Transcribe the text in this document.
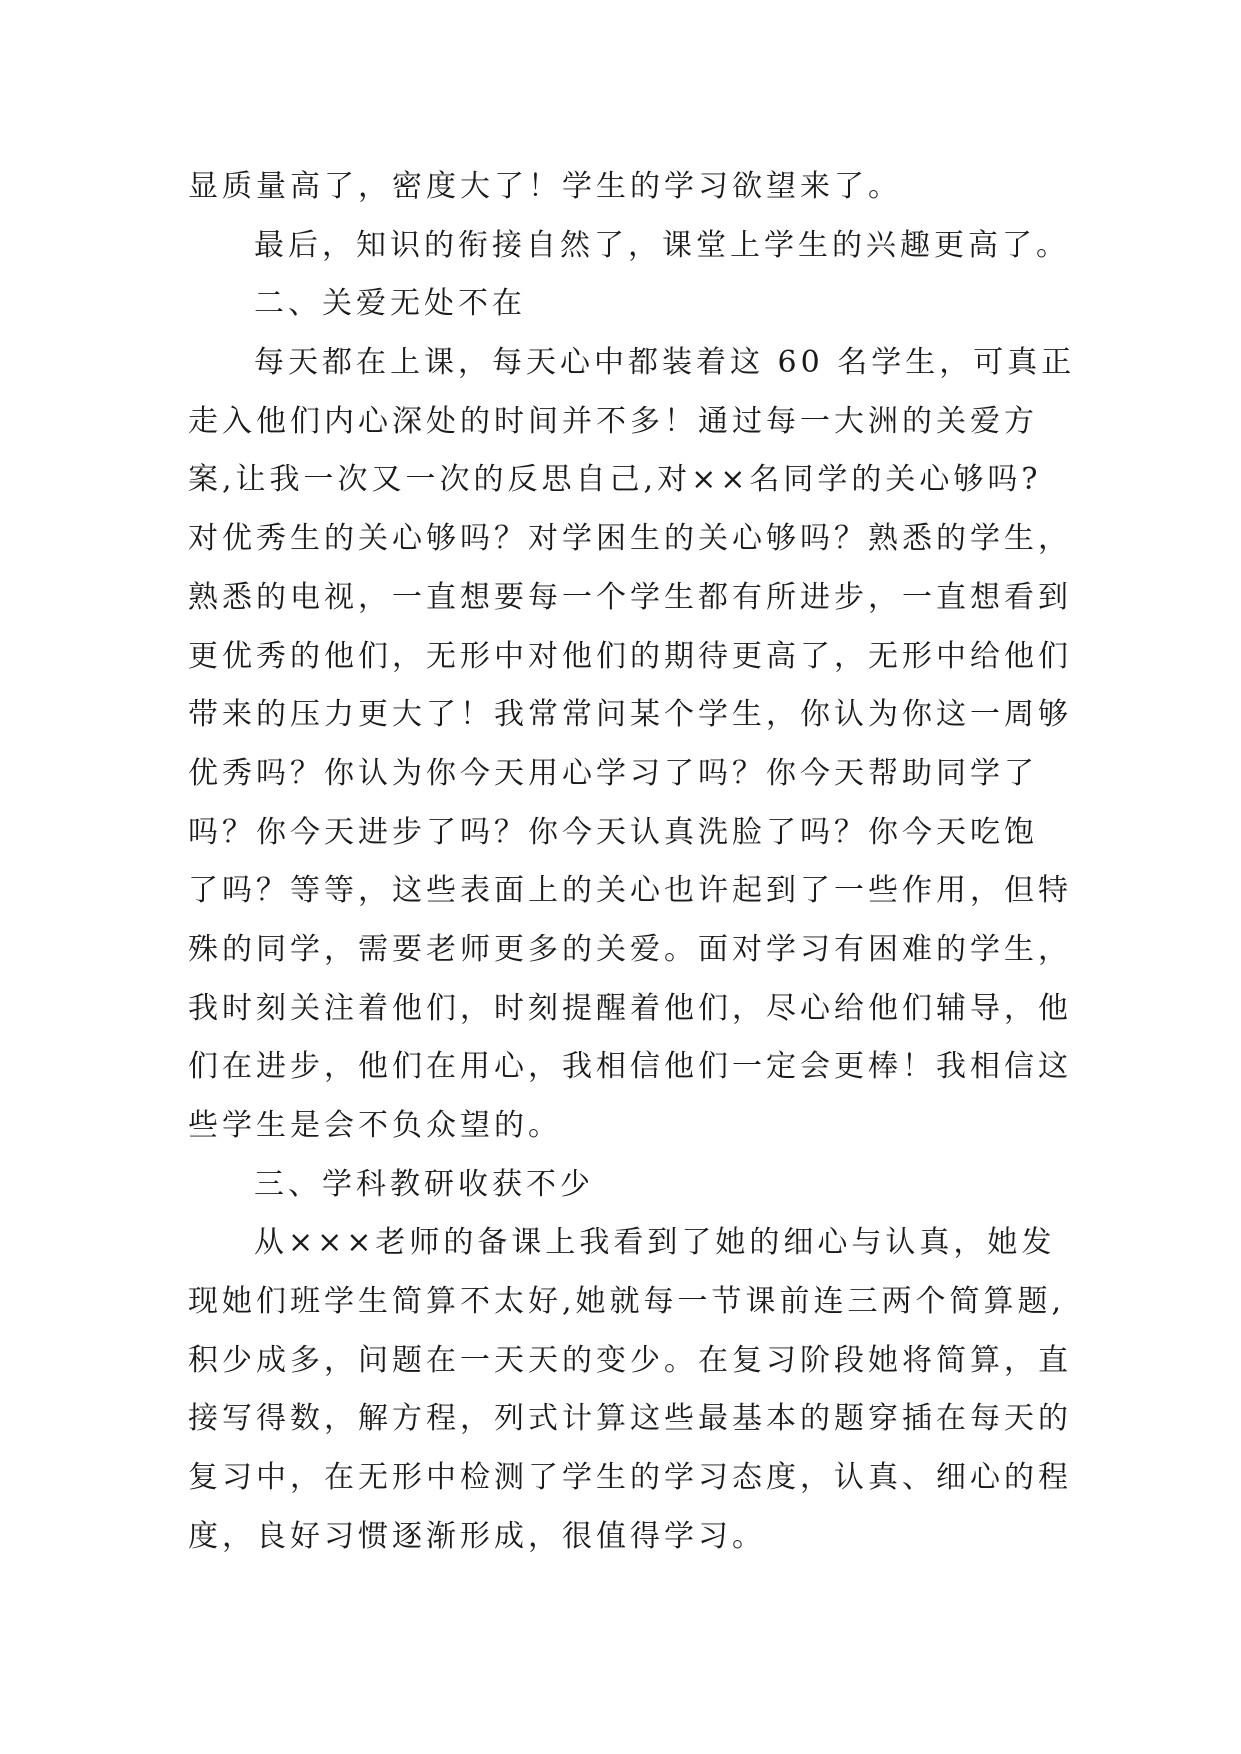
显质量高了，密度大了！学生的学习欲望来了。
最后，知识的衔接自然了，课堂上学生的兴趣更高了。
二、关爱无处不在
每天都在上课，每天心中都装着这 60 名学生，可真正
走入他们内心深处的时间并不多！通过每一大洲的关爱方
案,让我一次又一次的反思自己,对××名同学的关心够吗?
对优秀生的关心够吗？对学困生的关心够吗？熟悉的学生，
熟悉的电视，一直想要每一个学生都有所进步，一直想看到
更优秀的他们，无形中对他们的期待更高了，无形中给他们
带来的压力更大了！我常常问某个学生，你认为你这一周够
优秀吗？你认为你今天用心学习了吗？你今天帮助同学了
吗？你今天进步了吗？你今天认真洗脸了吗？你今天吃饱
了吗？等等，这些表面上的关心也许起到了一些作用，但特
殊的同学，需要老师更多的关爱。面对学习有困难的学生，
我时刻关注着他们，时刻提醒着他们，尽心给他们辅导，他
们在进步，他们在用心，我相信他们一定会更棒！我相信这
些学生是会不负众望的。
三、学科教研收获不少
从×××老师的备课上我看到了她的细心与认真，她发
现她们班学生简算不太好,她就每一节课前连三两个简算题,
积少成多，问题在一天天的变少。在复习阶段她将简算，直
接写得数，解方程，列式计算这些最基本的题穿插在每天的
复习中，在无形中检测了学生的学习态度，认真、细心的程
度，良好习惯逐渐形成，很值得学习。
